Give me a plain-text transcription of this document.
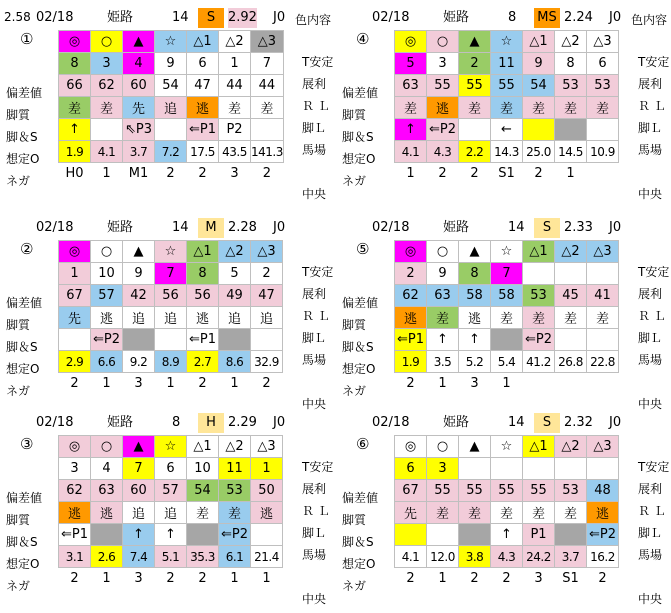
2.58 02/18	姫路	14	2.92 J0
S	色内容
①
偏差値
脚質
脚＆S
想定O
ネガ
◎	○	▲	☆	△1	△2	△3
8	3	4	9	6	1	7
66	62	60	54	47	44	44
差	差	先	追	逃	差	差
↑		⇖P3		⇐P1	P2	
1.9	4.1	3.7	7.2	17.5	43.5	141.3
H0	1	M1	2	2	3	2
T安定
展利
Ｒ Ｌ
脚Ｌ
馬場
中央
02/18	姫路	8	2.24 J0
MS	色内容
④
偏差値
脚質
脚＆S
想定O
ネガ
◎	○	▲	☆	△1	△2	△3
5	3	2	11	9	8	6
63	55	55	55	54	53	53
差	逃	差	差	差	差	差
↑	⇐P2		←			
4.1	4.3	2.2	14.3	25.0	14.5	10.9
1	2	2	S1	2	1	
T安定
展利
Ｒ Ｌ
脚Ｌ
馬場
中央
02/18	姫路	14	2.28 J0
M
②
偏差値
脚質
脚＆S
想定O
ネガ
◎	○	▲	☆	△1	△2	△3
1	10	9	7	8	5	2
67	57	42	56	56	49	47
先	逃	追	追	逃	追	追
	⇐P2			⇐P1		
2.9	6.6	9.2	8.9	2.7	8.6	32.9
2	1	3	1	2	1	2
T安定
展利
Ｒ Ｌ
脚Ｌ
馬場
中央
02/18	姫路	14	2.33 J0
S
⑤
偏差値
脚質
脚＆S
想定O
ネガ
◎	○	▲	☆	△1	△2	△3
2	9	8	7			
62	63	58	58	53	45	41
逃	差	逃	差	差	差	差
⇐P1	↑	↑		⇐P2		
1.9	3.5	5.2	5.4	41.2	26.8	22.8
2	1	3	1			
T安定
展利
Ｒ Ｌ
脚Ｌ
馬場
中央
02/18	姫路	8	2.29 J0
H
③
偏差値
脚質
脚＆S
想定O
ネガ
◎	○	▲	☆	△1	△2	△3
3	4	7	6	10	11	1
62	63	60	57	54	53	50
逃	逃	追	追	差	差	逃
⇐P1		↑	↑		⇐P2	
3.1	2.6	7.4	5.1	35.3	6.1	21.4
2	1	3	2	2	1	1
T安定
展利
Ｒ Ｌ
脚Ｌ
馬場
中央
02/18	姫路	14	2.32 J0
S
⑥
偏差値
脚質
脚＆S
想定O
ネガ
◎	○	▲	☆	△1	△2	△3
6	3					
67	55	55	55	55	53	48
先	差	差	差	差	差	逃
			↑	P1		⇐P2
4.1	12.0	3.8	4.3	24.2	3.7	16.2
2	1	2	2	3	S1	2
T安定
展利
Ｒ Ｌ
脚Ｌ
馬場
中央
